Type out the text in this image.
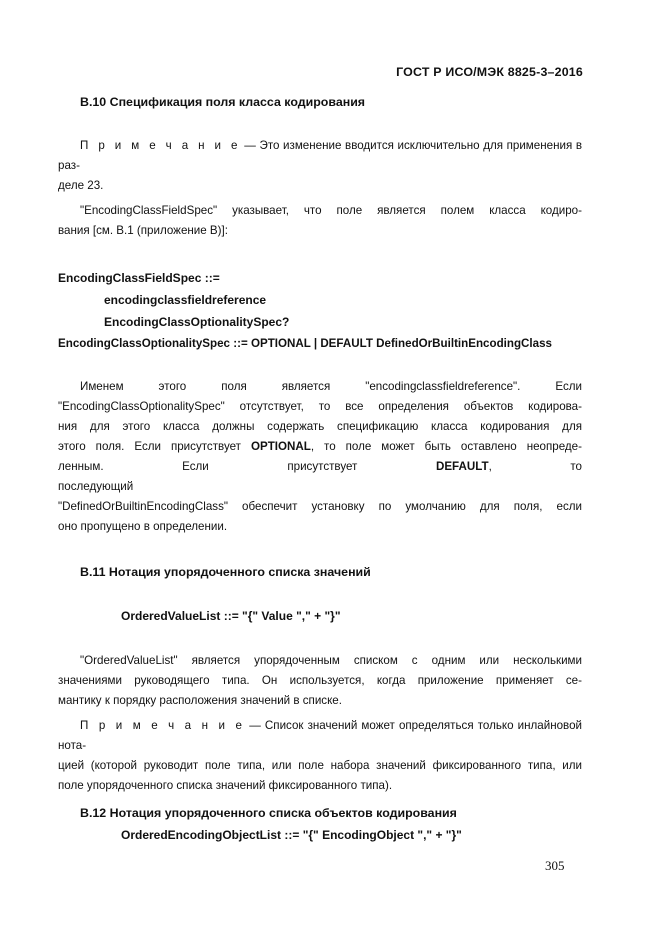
ГОСТ Р ИСО/МЭК 8825-3–2016
В.10 Спецификация поля класса кодирования
П р и м е ч а н и е — Это изменение вводится исключительно для применения в раз-
деле 23.
"EncodingClassFieldSpec" указывает, что поле является полем класса кодиро-
вания [см. В.1 (приложение В)]:
EncodingClassFieldSpec ::=
encodingclassfieldreference
EncodingClassOptionalitySpec?
EncodingClassOptionalitySpec ::= OPTIONAL | DEFAULT DefinedOrBuiltinEncodingClass
Именем этого поля является "encodingclassfieldreference". Если
"EncodingClassOptionalitySpec" отсутствует, то все определения объектов кодирова-
ния для этого класса должны содержать спецификацию класса кодирования для
этого поля. Если присутствует OPTIONAL, то поле может быть оставлено неопреде-
ленным. Если присутствует DEFAULT, то последующий
"DefinedOrBuiltinEncodingClass" обеспечит установку по умолчанию для поля, если
оно пропущено в определении.
В.11 Нотация упорядоченного списка значений
OrderedValueList ::= "{" Value "," + "}"
"OrderedValueList" является упорядоченным списком с одним или несколькими
значениями руководящего типа. Он используется, когда приложение применяет се-
мантику к порядку расположения значений в списке.
П р и м е ч а н и е — Список значений может определяться только инлайновой нота-
цией (которой руководит поле типа, или поле набора значений фиксированного типа, или
поле упорядоченного списка значений фиксированного типа).
В.12 Нотация упорядоченного списка объектов кодирования
OrderedEncodingObjectList ::= "{" EncodingObject "," + "}"
305
